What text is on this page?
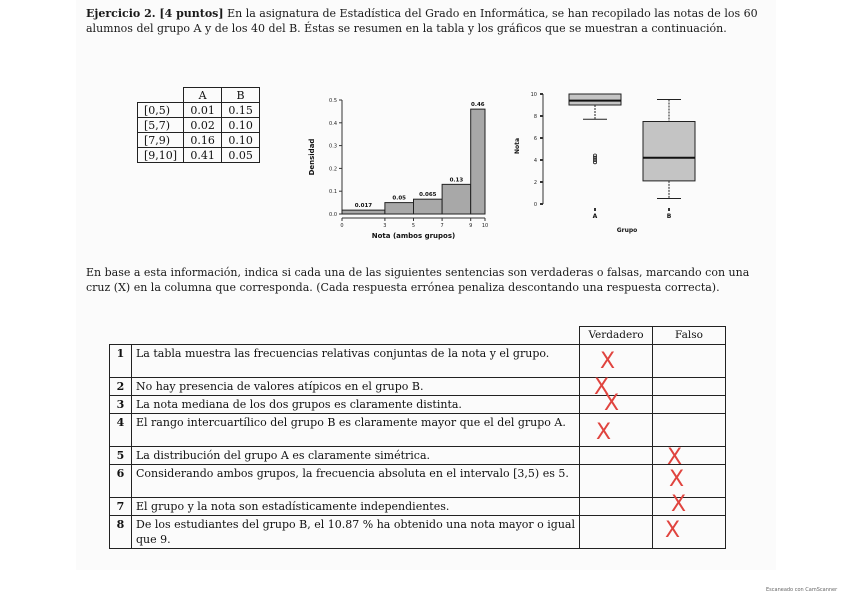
Ejercicio 2. [4 puntos] En la asignatura de Estadística del Grado en Informática, se han recopilado las notas de los 60 alumnos del grupo A y de los 40 del B. Éstas se resumen en la tabla y los gráficos que se muestran a continuación.
	A	B
[0,5)	0.01	0.15
[5,7)	0.02	0.10
[7,9)	0.16	0.10
[9,10]	0.41	0.05
0.0
0.1
0.2
0.3
0.4
0.5
0	3	5	7	9 10
0.017
0.05
0.065
0.13
0.46
Nota (ambos grupos)
Densidad
0
2
4
6
8
10
A	B
Grupo
Nota
En base a esta información, indica si cada una de las siguientes sentencias son verdaderas o falsas, marcando con una cruz (X) en la columna que corresponda. (Cada respuesta errónea penaliza descontando una respuesta correcta).
		Verdadero	Falso
1	La tabla muestra las frecuencias relativas conjuntas de la nota y el grupo.	X	

2	No hay presencia de valores atípicos en el grupo B.	X	

3	La nota mediana de los dos grupos es claramente distinta.	X	

4	El rango intercuartílico del grupo B es claramente mayor que el del grupo A.	X	

5	La distribución del grupo A es claramente simétrica.		X

6	Considerando ambos grupos, la frecuencia absoluta en el intervalo [3,5) es 5.		X

7	El grupo y la nota son estadísticamente independientes.		X

8	De los estudiantes del grupo B, el 10.87 % ha obtenido una nota mayor o igual que 9.		X
Escaneado con CamScanner
